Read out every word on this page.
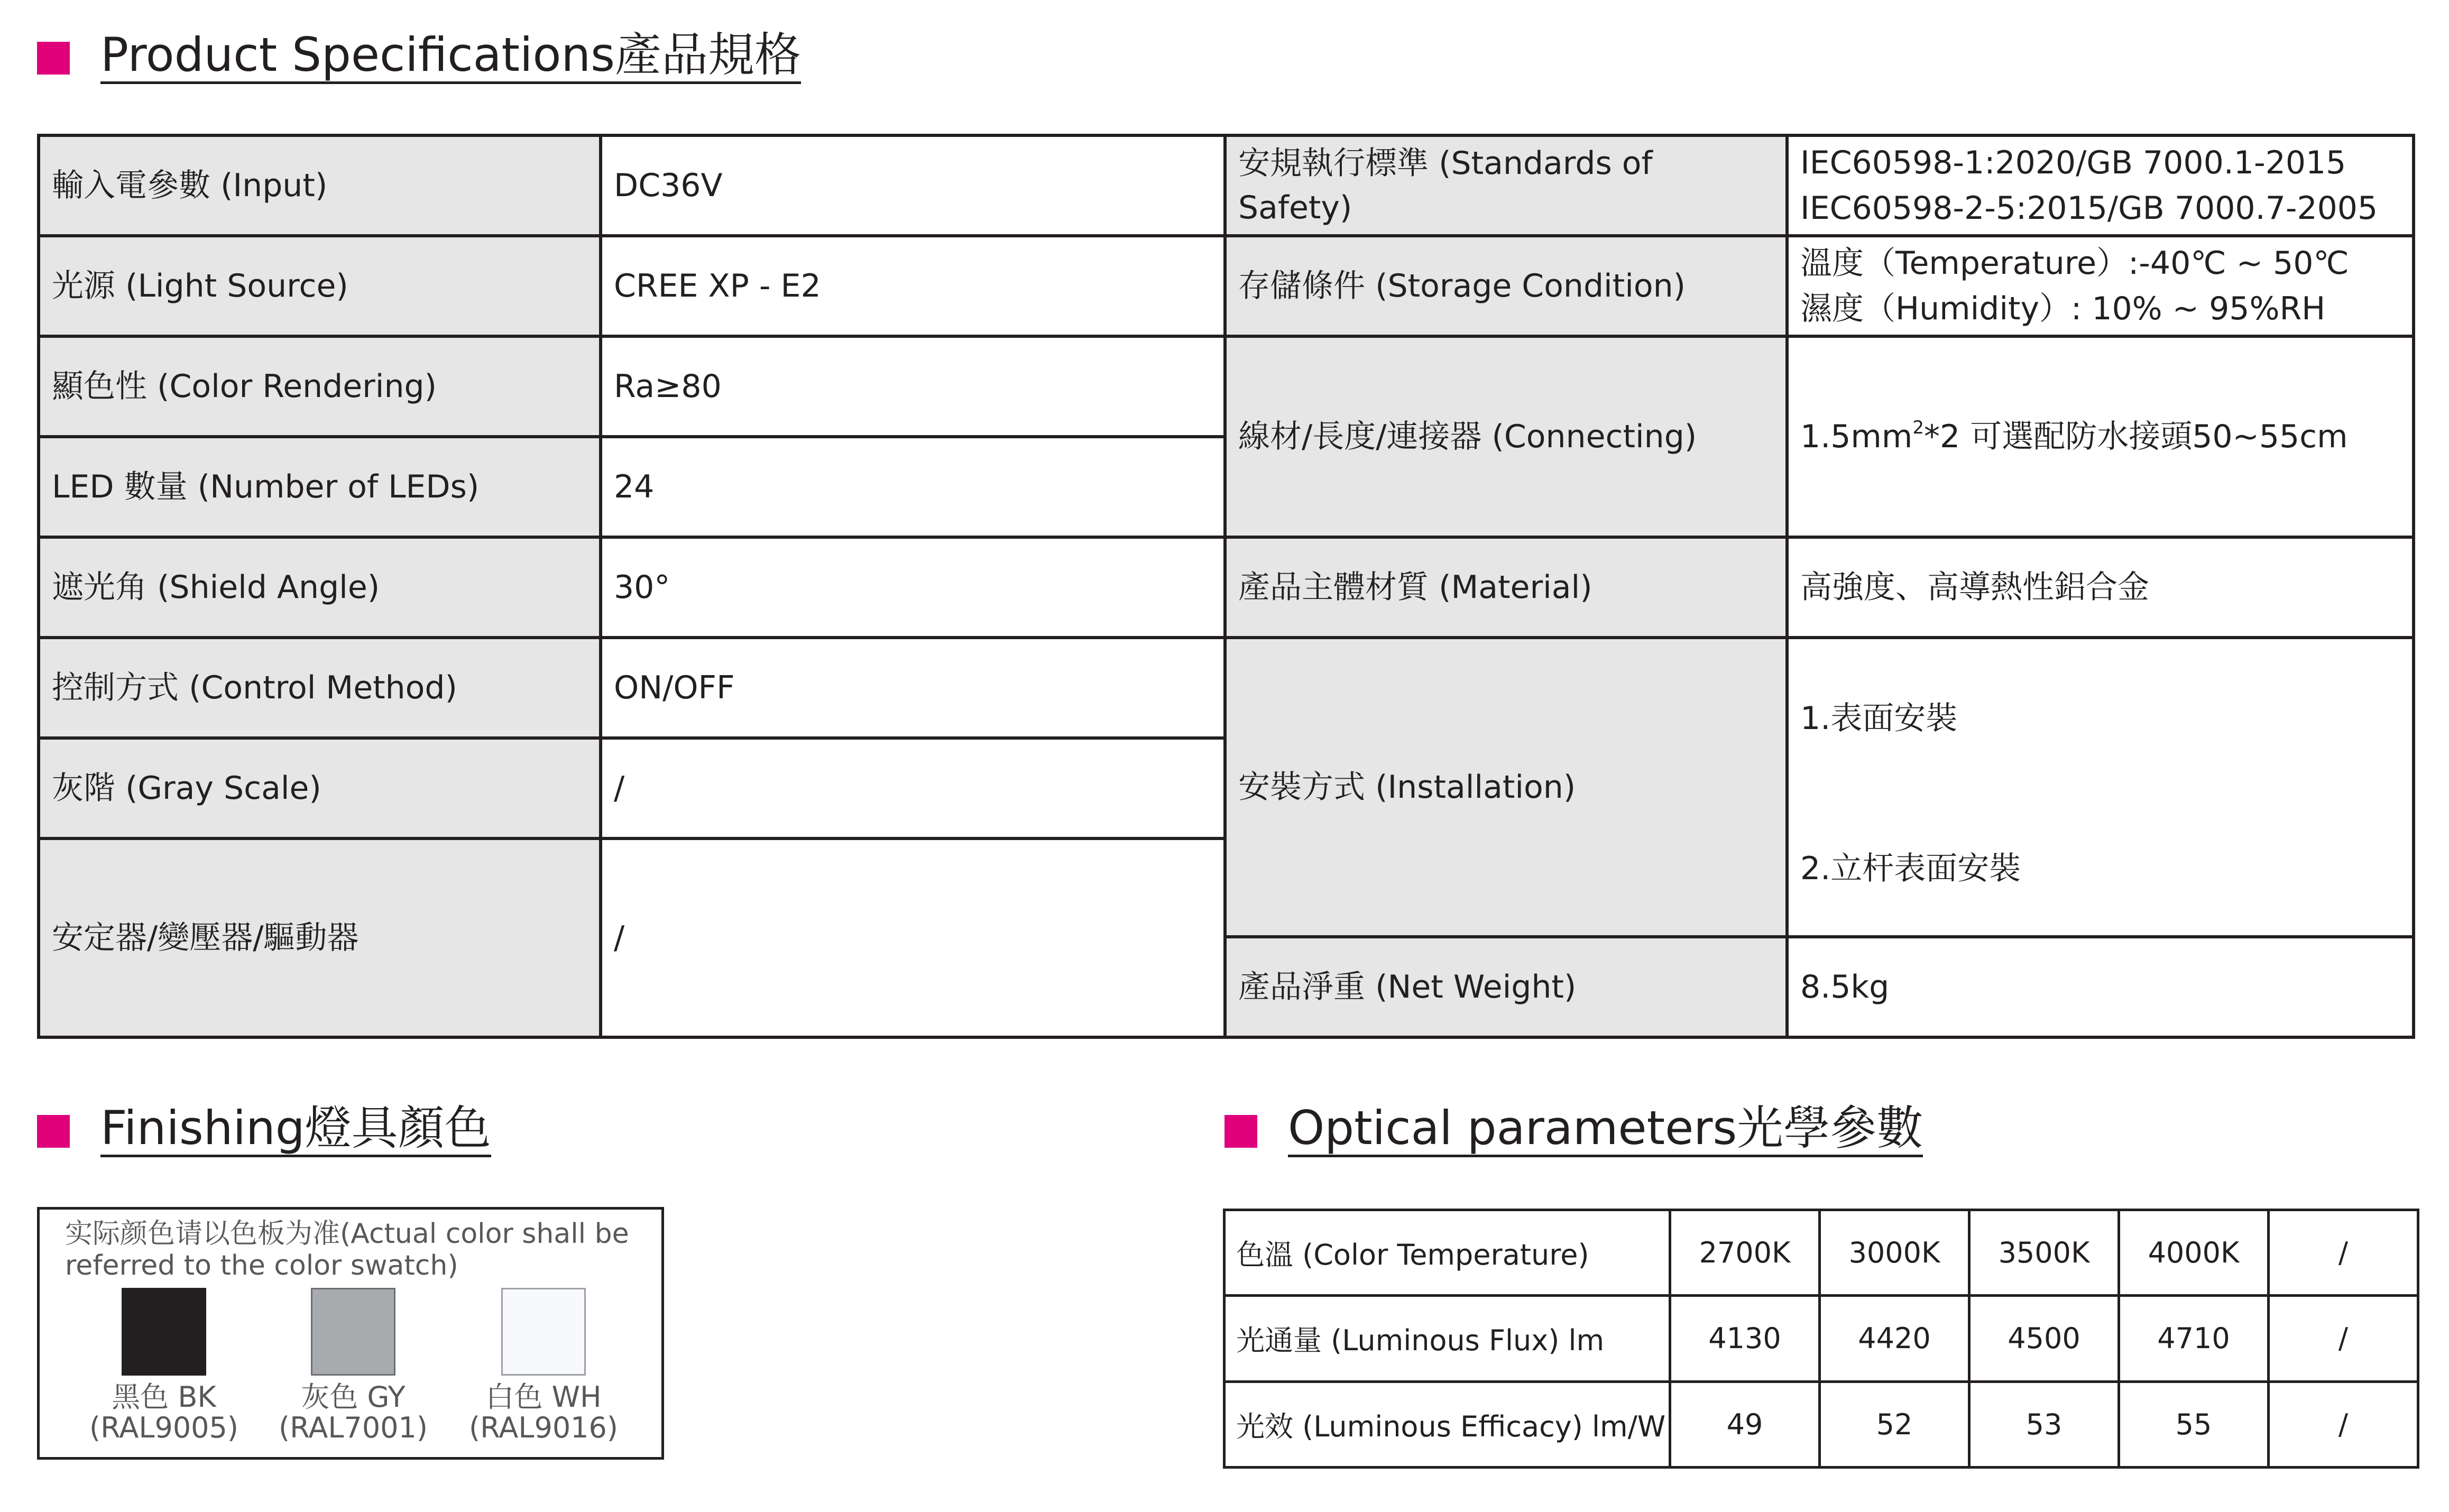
Product Specifications產品規格
輸入電參數 (Input)	DC36V	安規執行標準 (Standards of Safety)	IEC60598-1:2020/GB 7000.1-2015
IEC60598-2-5:2015/GB 7000.7-2005

光源 (Light Source)	CREE XP - E2	存儲條件 (Storage Condition)	溫度（Temperature）:-40℃ ~ 50℃
濕度（Humidity）: 10% ~ 95%RH

顯色性 (Color Rendering)	Ra≥80	線材/長度/連接器 (Connecting)	$1.5mm^2*2$ 可選配防水接頭50~55cm
LED 數量 (Number of LEDs)	24		
遮光角 (Shield Angle)	30°	產品主體材質 (Material)	高強度、高導熱性鋁合金
控制方式 (Control Method)	ON/OFF	安裝方式 (Installation)	1.表面安裝
2.立杆表面安裝

灰階 (Gray Scale)	/		
安定器/變壓器/驅動器	/		
		產品淨重 (Net Weight)	8.5kg
Finishing燈具顏色
实际颜色请以色板为准(Actual color shall be referred to the color swatch)
黑色 BK
(RAL9005)
灰色 GY
(RAL7001)
白色 WH
(RAL9016)
Optical parameters光學參數
色溫 (Color Temperature)	2700K	3000K	3500K	4000K	/
光通量 (Luminous Flux) lm	4130	4420	4500	4710	/
光效 (Luminous Efficacy) lm/W	49	52	53	55	/
